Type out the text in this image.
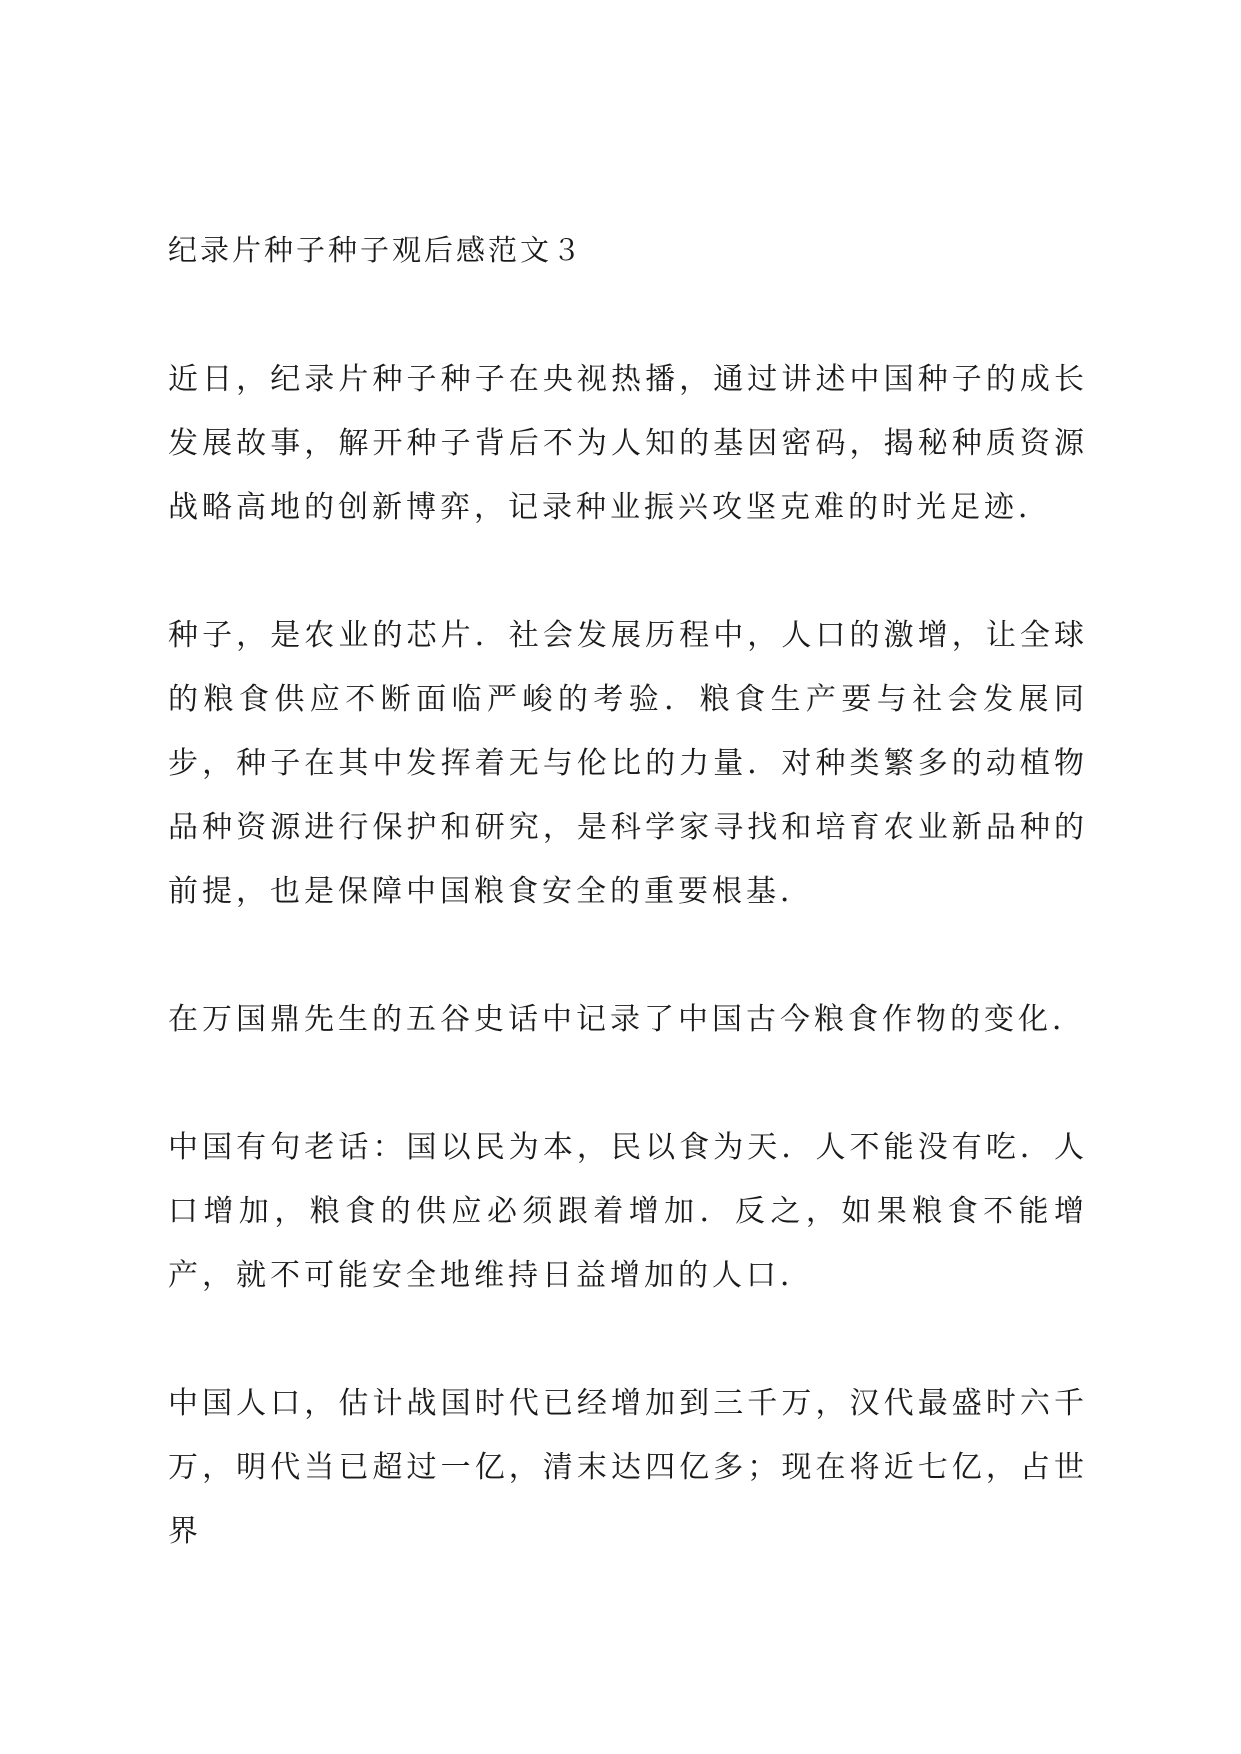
纪录片种子种子观后感范文３

近日，纪录片种子种子在央视热播，通过讲述中国种子的成长发展故事，解开种子背后不为人知的基因密码，揭秘种质资源战略高地的创新博弈，记录种业振兴攻坚克难的时光足迹．

种子，是农业的芯片．社会发展历程中，人口的激增，让全球的粮食供应不断面临严峻的考验．粮食生产要与社会发展同步，种子在其中发挥着无与伦比的力量．对种类繁多的动植物品种资源进行保护和研究，是科学家寻找和培育农业新品种的前提，也是保障中国粮食安全的重要根基．

在万国鼎先生的五谷史话中记录了中国古今粮食作物的变化．

中国有句老话：国以民为本，民以食为天．人不能没有吃．人口增加，粮食的供应必须跟着增加．反之，如果粮食不能增产，就不可能安全地维持日益增加的人口．

中国人口，估计战国时代已经增加到三千万，汉代最盛时六千万，明代当已超过一亿，清末达四亿多；现在将近七亿，占世界
